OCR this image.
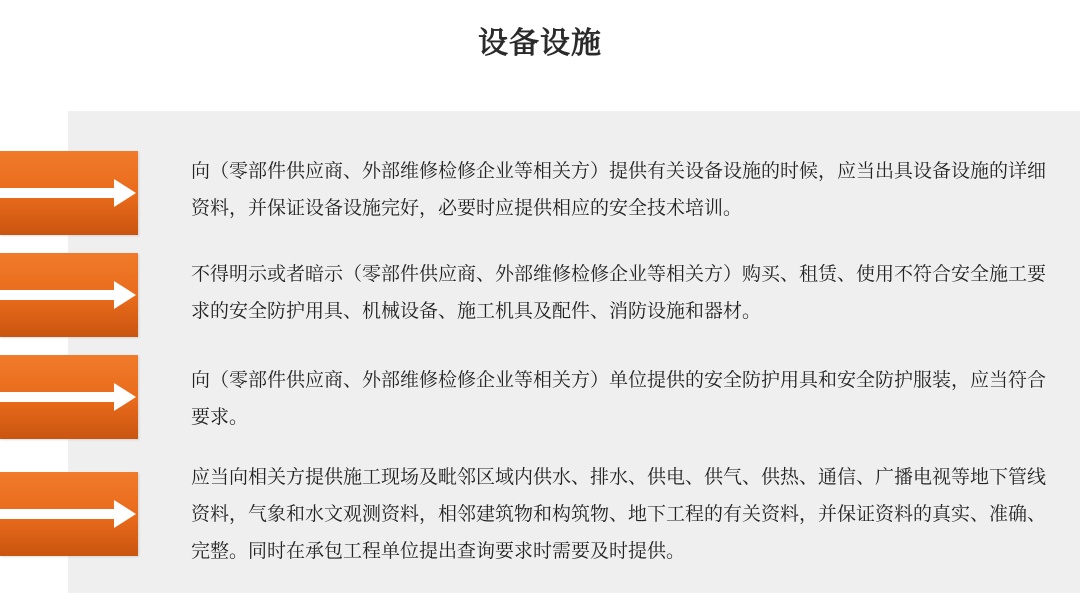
设备设施

向（零部件供应商、外部维修检修企业等相关方）提供有关设备设施的时候，应当出具设备设施的详细资料，并保证设备设施完好，必要时应提供相应的安全技术培训。

不得明示或者暗示（零部件供应商、外部维修检修企业等相关方）购买、租赁、使用不符合安全施工要求的安全防护用具、机械设备、施工机具及配件、消防设施和器材。

向（零部件供应商、外部维修检修企业等相关方）单位提供的安全防护用具和安全防护服装，应当符合要求。

应当向相关方提供施工现场及毗邻区域内供水、排水、供电、供气、供热、通信、广播电视等地下管线资料，气象和水文观测资料，相邻建筑物和构筑物、地下工程的有关资料，并保证资料的真实、准确、完整。同时在承包工程单位提出查询要求时需要及时提供。
